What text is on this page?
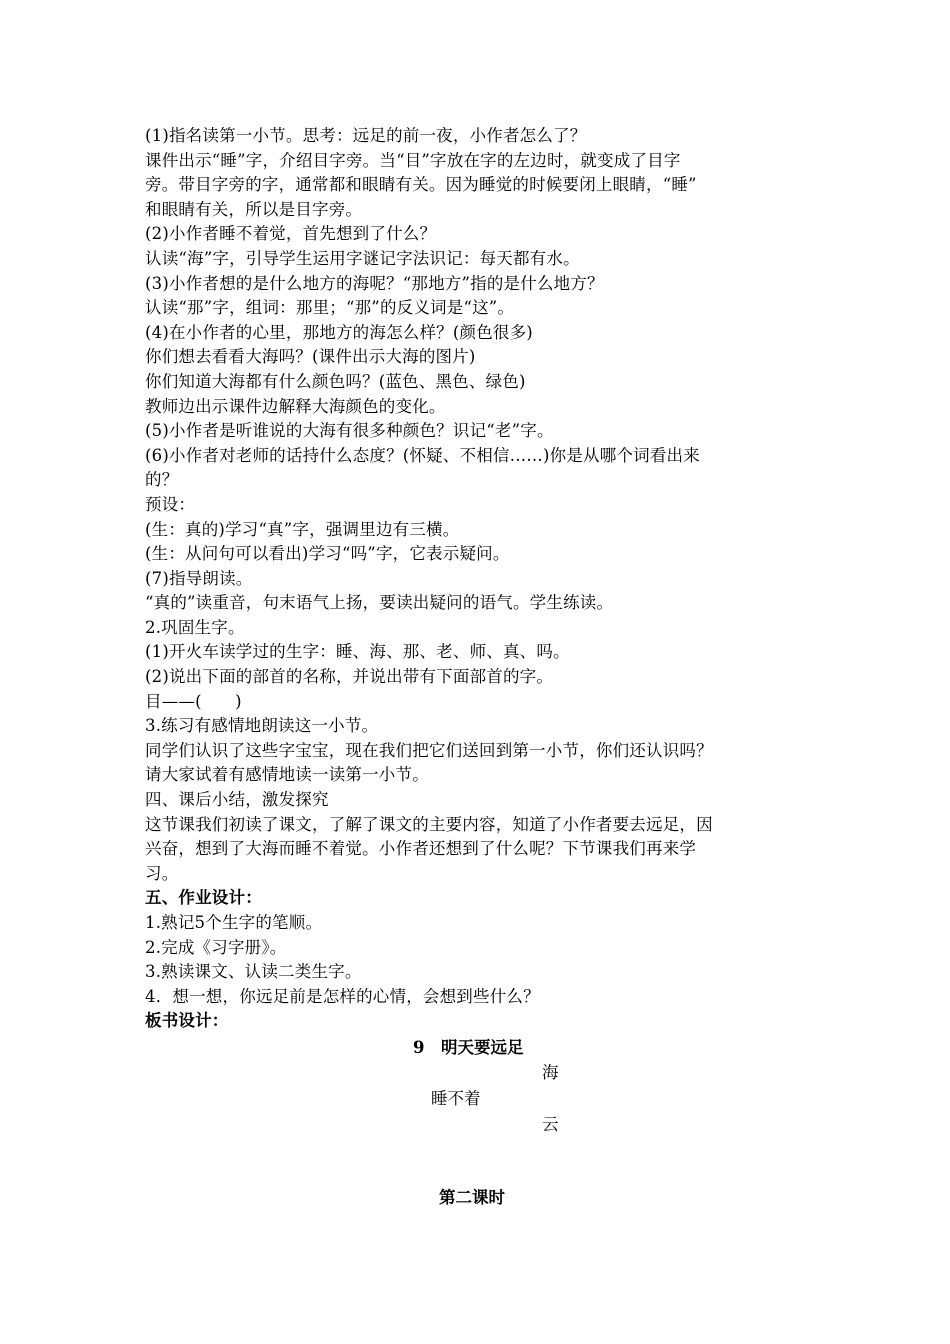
(1)指名读第一小节。思考：远足的前一夜，小作者怎么了？
课件出示“睡”字，介绍目字旁。当“目”字放在字的左边时，就变成了目字
旁。带目字旁的字，通常都和眼睛有关。因为睡觉的时候要闭上眼睛，“睡”
和眼睛有关，所以是目字旁。
(2)小作者睡不着觉，首先想到了什么？
认读“海”字，引导学生运用字谜记字法识记：每天都有水。
(3)小作者想的是什么地方的海呢？“那地方”指的是什么地方？
认读“那”字，组词：那里；“那”的反义词是“这”。
(4)在小作者的心里，那地方的海怎么样？(颜色很多)
你们想去看看大海吗？(课件出示大海的图片)
你们知道大海都有什么颜色吗？(蓝色、黑色、绿色)
教师边出示课件边解释大海颜色的变化。
(5)小作者是听谁说的大海有很多种颜色？识记“老”字。
(6)小作者对老师的话持什么态度？(怀疑、不相信……)你是从哪个词看出来
的？
预设：
(生：真的)学习“真”字，强调里边有三横。
(生：从问句可以看出)学习“吗”字，它表示疑问。
(7)指导朗读。
“真的”读重音，句末语气上扬，要读出疑问的语气。学生练读。
2.巩固生字。
(1)开火车读学过的生字：睡、海、那、老、师、真、吗。
(2)说出下面的部首的名称，并说出带有下面部首的字。
目——(　　)
3.练习有感情地朗读这一小节。
同学们认识了这些字宝宝，现在我们把它们送回到第一小节，你们还认识吗？
请大家试着有感情地读一读第一小节。
四、课后小结，激发探究
这节课我们初读了课文，了解了课文的主要内容，知道了小作者要去远足，因
兴奋，想到了大海而睡不着觉。小作者还想到了什么呢？下节课我们再来学
习。
五、作业设计：
1.熟记5个生字的笔顺。
2.完成《习字册》。
3.熟读课文、认读二类生字。
4．想一想，你远足前是怎样的心情，会想到些什么？
板书设计：
9　明天要远足
海
睡不着
云
第二课时
